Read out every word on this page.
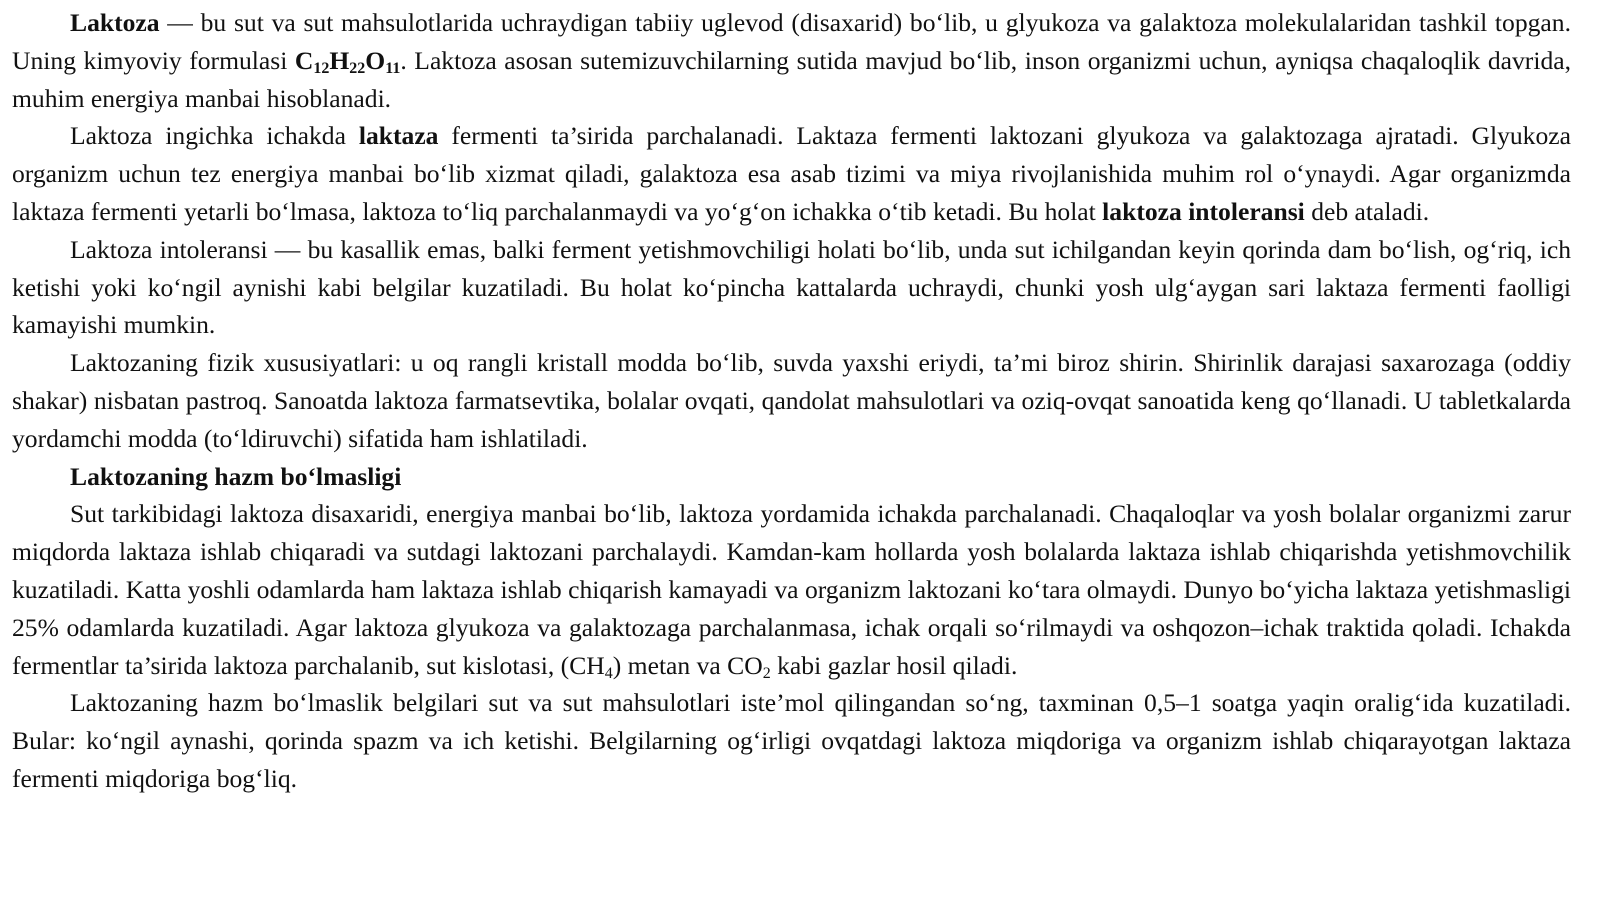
Laktoza — bu sut va sut mahsulotlarida uchraydigan tabiiy uglevod (disaxarid) bo‘lib, u glyukoza va galaktoza molekulalaridan tashkil topgan. Uning kimyoviy formulasi $C_{12}H_{22}O_{11}$. Laktoza asosan sutemizuvchilarning sutida mavjud bo‘lib, inson organizmi uchun, ayniqsa chaqaloqlik davrida, muhim energiya manbai hisoblanadi.

Laktoza ingichka ichakda laktaza fermenti ta’sirida parchalanadi. Laktaza fermenti laktozani glyukoza va galaktozaga ajratadi. Glyukoza organizm uchun tez energiya manbai bo‘lib xizmat qiladi, galaktoza esa asab tizimi va miya rivojlanishida muhim rol o‘ynaydi. Agar organizmda laktaza fermenti yetarli bo‘lmasa, laktoza to‘liq parchalanmaydi va yo‘g‘on ichakka o‘tib ketadi. Bu holat laktoza intoleransi deb ataladi.

Laktoza intoleransi — bu kasallik emas, balki ferment yetishmovchiligi holati bo‘lib, unda sut ichilgandan keyin qorinda dam bo‘lish, og‘riq, ich ketishi yoki ko‘ngil aynishi kabi belgilar kuzatiladi. Bu holat ko‘pincha kattalarda uchraydi, chunki yosh ulg‘aygan sari laktaza fermenti faolligi kamayishi mumkin.

Laktozaning fizik xususiyatlari: u oq rangli kristall modda bo‘lib, suvda yaxshi eriydi, ta’mi biroz shirin. Shirinlik darajasi saxarozaga (oddiy shakar) nisbatan pastroq. Sanoatda laktoza farmatsevtika, bolalar ovqati, qandolat mahsulotlari va oziq-ovqat sanoatida keng qo‘llanadi. U tabletkalarda yordamchi modda (to‘ldiruvchi) sifatida ham ishlatiladi.

Laktozaning hazm bo‘lmasligi

Sut tarkibidagi laktoza disaxaridi, energiya manbai bo‘lib, laktoza yordamida ichakda parchalanadi. Chaqaloqlar va yosh bolalar organizmi zarur miqdorda laktaza ishlab chiqaradi va sutdagi laktozani parchalaydi. Kamdan-kam hollarda yosh bolalarda laktaza ishlab chiqarishda yetishmovchilik kuzatiladi. Katta yoshli odamlarda ham laktaza ishlab chiqarish kamayadi va organizm laktozani ko‘tara olmaydi. Dunyo bo‘yicha laktaza yetishmasligi 25% odamlarda kuzatiladi. Agar laktoza glyukoza va galaktozaga parchalanmasa, ichak orqali so‘rilmaydi va oshqozon–ichak traktida qoladi. Ichakda fermentlar ta’sirida laktoza parchalanib, sut kislotasi, $(CH_4)$ metan va $CO_2$ kabi gazlar hosil qiladi.

Laktozaning hazm bo‘lmaslik belgilari sut va sut mahsulotlari iste’mol qilingandan so‘ng, taxminan 0,5–1 soatga yaqin oralig‘ida kuzatiladi. Bular: ko‘ngil aynashi, qorinda spazm va ich ketishi. Belgilarning og‘irligi ovqatdagi laktoza miqdoriga va organizm ishlab chiqarayotgan laktaza fermenti miqdoriga bog‘liq.
